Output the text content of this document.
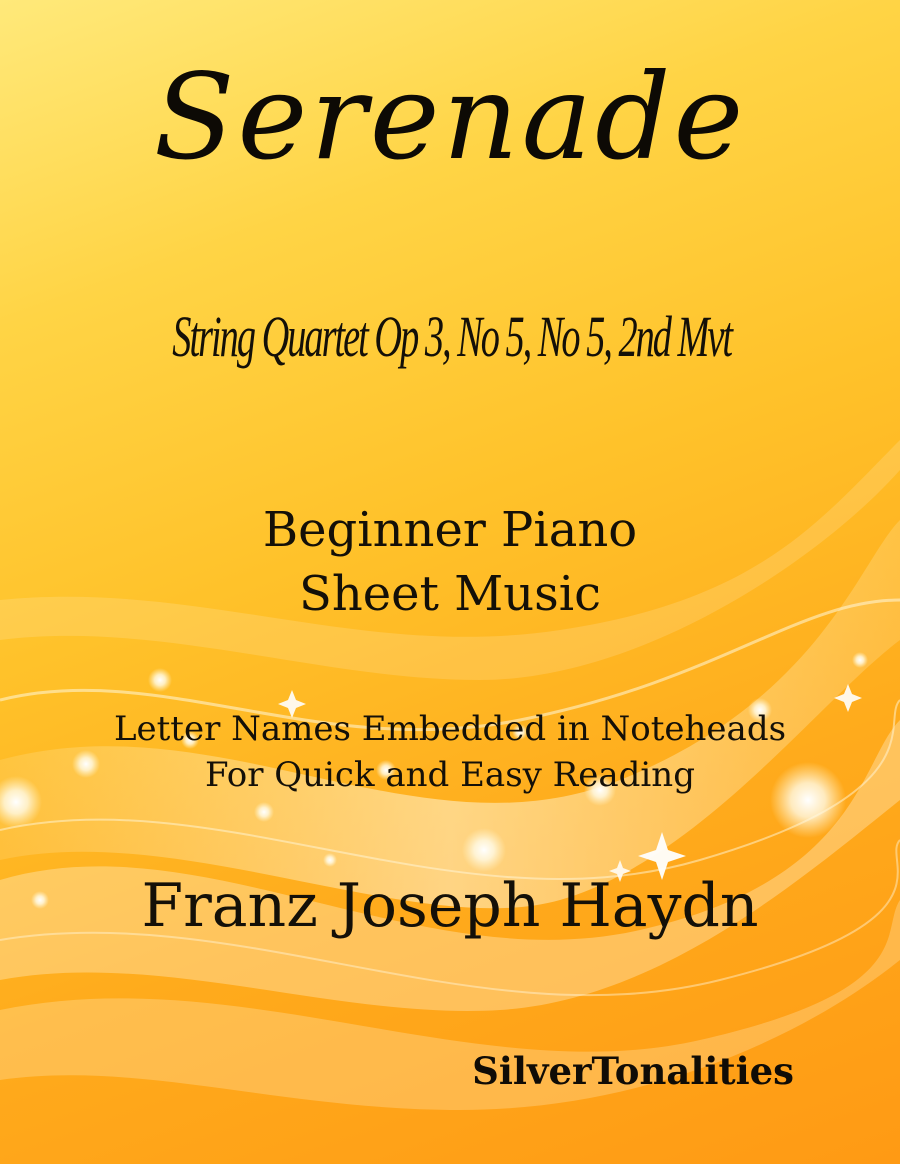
Serenade
String Quartet Op 3, No 5, No 5, 2nd Mvt
Beginner Piano
Sheet Music
Letter Names Embedded in Noteheads
For Quick and Easy Reading
Franz Joseph Haydn
SilverTonalities
